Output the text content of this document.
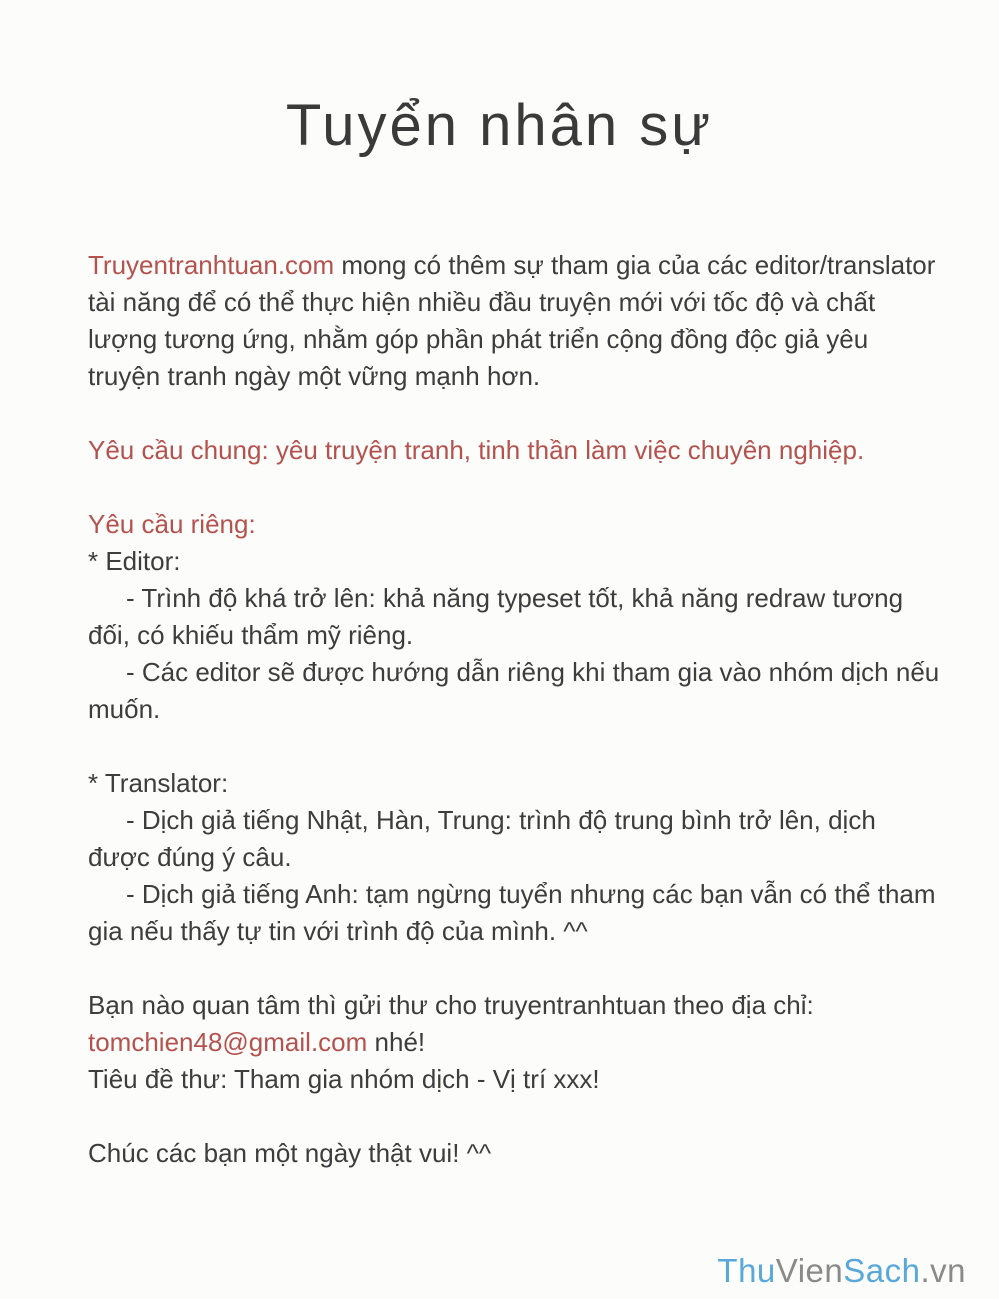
Tuyển nhân sự

Truyentranhtuan.com mong có thêm sự tham gia của các editor/translator tài năng để có thể thực hiện nhiều đầu truyện mới với tốc độ và chất lượng tương ứng, nhằm góp phần phát triển cộng đồng độc giả yêu truyện tranh ngày một vững mạnh hơn.

Yêu cầu chung: yêu truyện tranh, tinh thần làm việc chuyên nghiệp.

Yêu cầu riêng:

* Editor:

- Trình độ khá trở lên: khả năng typeset tốt, khả năng redraw tương đối, có khiếu thẩm mỹ riêng.

- Các editor sẽ được hướng dẫn riêng khi tham gia vào nhóm dịch nếu muốn.

* Translator:

- Dịch giả tiếng Nhật, Hàn, Trung: trình độ trung bình trở lên, dịch được đúng ý câu.

- Dịch giả tiếng Anh: tạm ngừng tuyển nhưng các bạn vẫn có thể tham gia nếu thấy tự tin với trình độ của mình. ^^

Bạn nào quan tâm thì gửi thư cho truyentranhtuan theo địa chỉ:
tomchien48@gmail.com nhé!
Tiêu đề thư: Tham gia nhóm dịch - Vị trí xxx!

Chúc các bạn một ngày thật vui! ^^

ThuVienSach.vn
